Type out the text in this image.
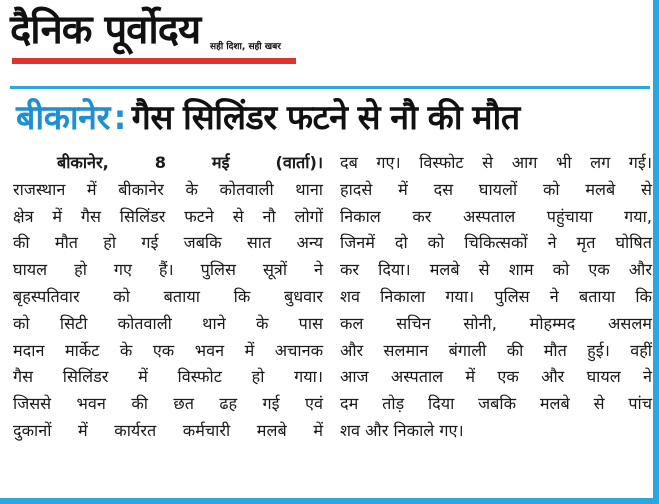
दैनिक पूर्वोदय सही दिशा, सही खबर
बीकानेर : गैस सिलिंडर फटने से नौ की मौत
बीकानेर, 8 मई (वार्ता)।
राजस्थान में बीकानेर के कोतवाली थाना
क्षेत्र में गैस सिलिंडर फटने से नौ लोगों
की मौत हो गई जबकि सात अन्य
घायल हो गए हैं। पुलिस सूत्रों ने
बृहस्पतिवार को बताया कि बुधवार
को सिटी कोतवाली थाने के पास
मदान मार्केट के एक भवन में अचानक
गैस सिलिंडर में विस्फोट हो गया।
जिससे भवन की छत ढह गई एवं
दुकानों में कार्यरत कर्मचारी मलबे में
दब गए। विस्फोट से आग भी लग गई।
हादसे में दस घायलों को मलबे से
निकाल कर अस्पताल पहुंचाया गया,
जिनमें दो को चिकित्सकों ने मृत घोषित
कर दिया। मलबे से शाम को एक और
शव निकाला गया। पुलिस ने बताया कि
कल सचिन सोनी, मोहम्मद असलम
और सलमान बंगाली की मौत हुई। वहीं
आज अस्पताल में एक और घायल ने
दम तोड़ दिया जबकि मलबे से पांच
शव और निकाले गए।
